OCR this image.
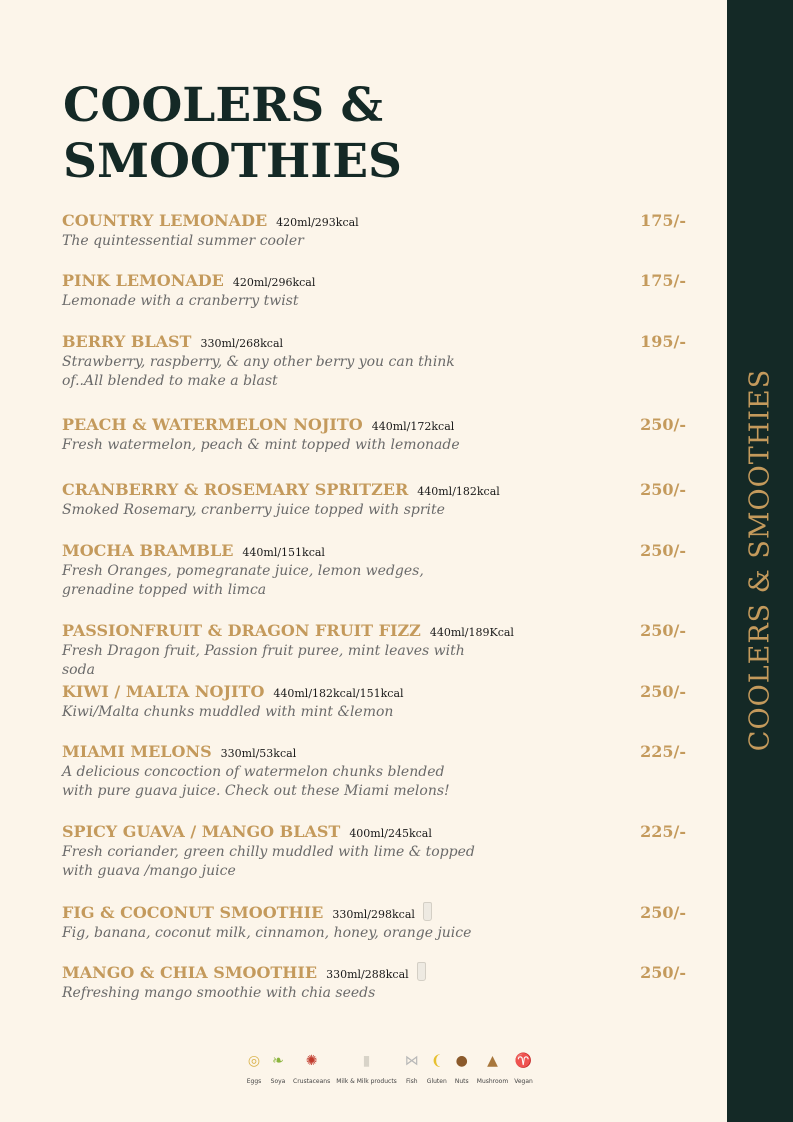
COOLERS & SMOOTHIES
COOLERS &
SMOOTHIES
COUNTRY LEMONADE 420ml/293kcal	175/-
The quintessential summer cooler
PINK LEMONADE 420ml/296kcal	175/-
Lemonade with a cranberry twist
BERRY BLAST 330ml/268kcal	195/-
Strawberry, raspberry, & any other berry you can think
of..All blended to make a blast
PEACH & WATERMELON NOJITO 440ml/172kcal	250/-
Fresh watermelon, peach & mint topped with lemonade
CRANBERRY & ROSEMARY SPRITZER 440ml/182kcal	250/-
Smoked Rosemary, cranberry juice topped with sprite
MOCHA BRAMBLE 440ml/151kcal	250/-
Fresh Oranges, pomegranate juice, lemon wedges,
grenadine topped with limca
PASSIONFRUIT & DRAGON FRUIT FIZZ 440ml/189Kcal	250/-
Fresh Dragon fruit, Passion fruit puree, mint leaves with soda
KIWI / MALTA NOJITO 440ml/182kcal/151kcal	250/-
Kiwi/Malta chunks muddled with mint &lemon
MIAMI MELONS 330ml/53kcal	225/-
A delicious concoction of watermelon chunks blended
with pure guava juice. Check out these Miami melons!
SPICY GUAVA / MANGO BLAST 400ml/245kcal	225/-
Fresh coriander, green chilly muddled with lime & topped
with guava /mango juice
FIG & COCONUT SMOOTHIE 330ml/298kcal	250/-
Fig, banana, coconut milk, cinnamon, honey, orange juice
MANGO & CHIA SMOOTHIE 330ml/288kcal	250/-
Refreshing mango smoothie with chia seeds
◎
Eggs
❧
Soya
✺
Crustaceans
▮
Milk & Milk products
⋈
Fish
❨
Gluten
●
Nuts
▲
Mushroom
♈
Vegan
